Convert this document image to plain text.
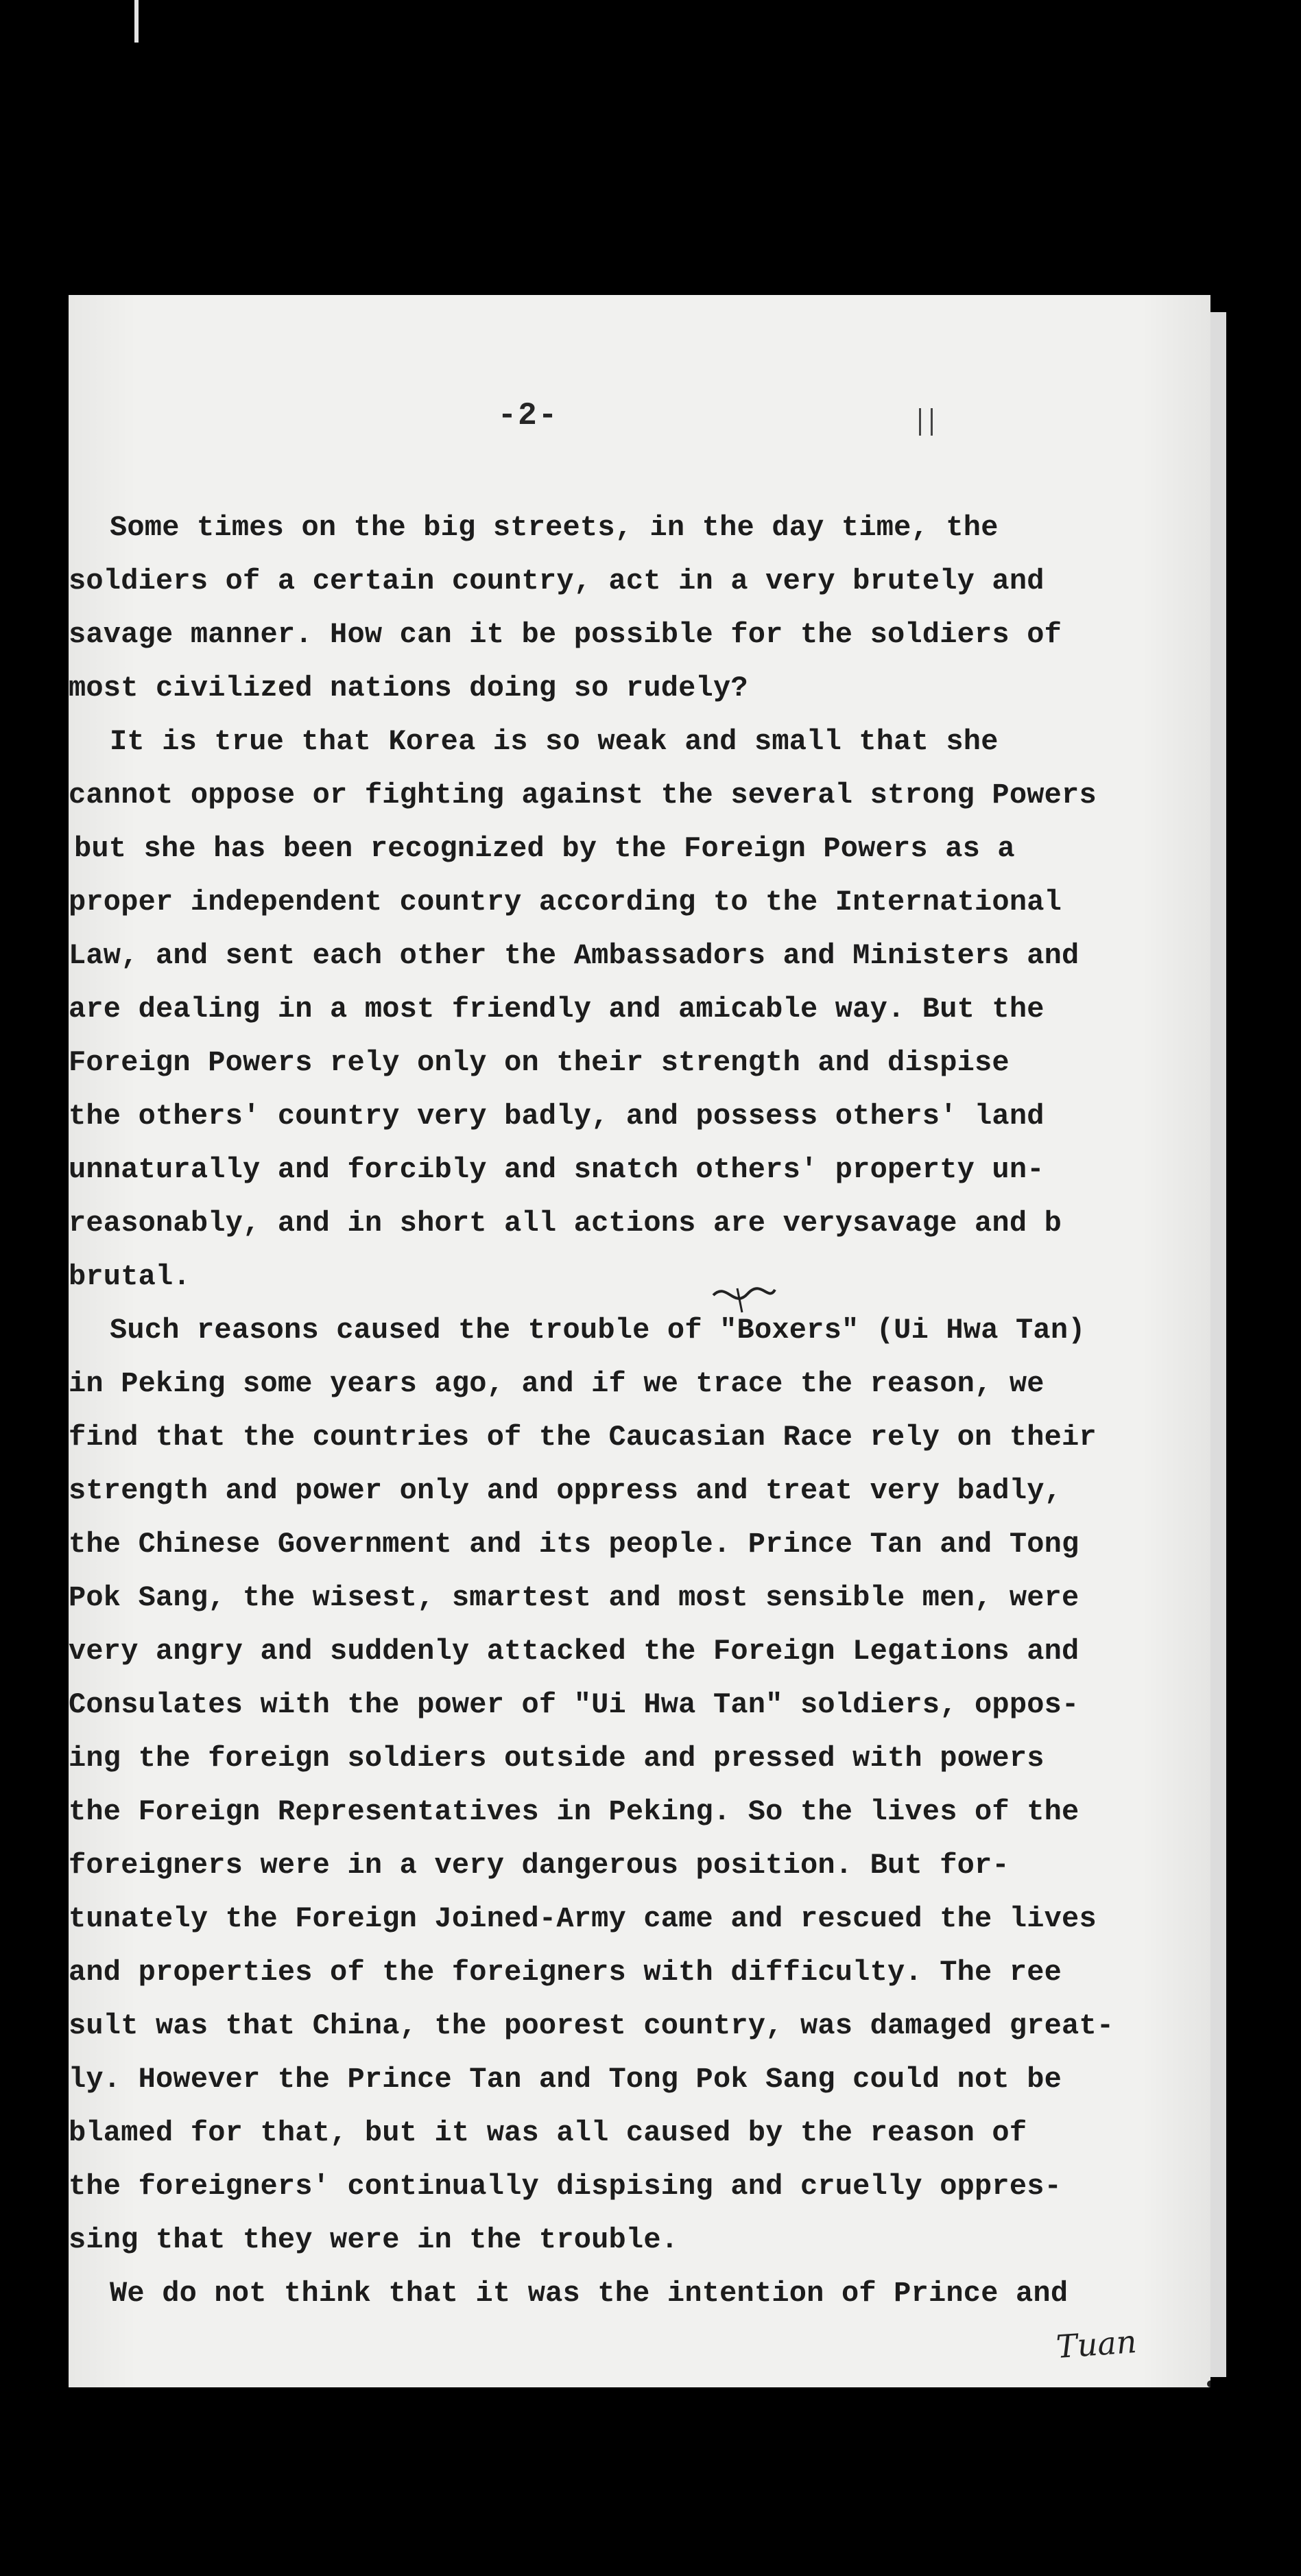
-2-
Some times on the big streets, in the day time, the
soldiers of a certain country, act in a very brutely and
savage manner. How can it be possible for the soldiers of
most civilized nations doing so rudely?
It is true that Korea is so weak and small that she
cannot oppose or fighting against the several strong Powers
but she has been recognized by the Foreign Powers as a
proper independent country according to the International
Law, and sent each other the Ambassadors and Ministers and
are dealing in a most friendly and amicable way. But the
Foreign Powers rely only on their strength and dispise
the others' country very badly, and possess others' land
unnaturally and forcibly and snatch others' property un-
reasonably, and in short all actions are verysavage and b
brutal.
Such reasons caused the trouble of "Boxers" (Ui Hwa Tan)
in Peking some years ago, and if we trace the reason, we
find that the countries of the Caucasian Race rely on their
strength and power only and oppress and treat very badly,
the Chinese Government and its people. Prince Tan and Tong
Pok Sang, the wisest, smartest and most sensible men, were
very angry and suddenly attacked the Foreign Legations and
Consulates with the power of "Ui Hwa Tan" soldiers, oppos-
ing the foreign soldiers outside and pressed with powers
the Foreign Representatives in Peking. So the lives of the
foreigners were in a very dangerous position. But for-
tunately the Foreign Joined-Army came and rescued the lives
and properties of the foreigners with difficulty. The ree
sult was that China, the poorest country, was damaged great-
ly. However the Prince Tan and Tong Pok Sang could not be
blamed for that, but it was all caused by the reason of
the foreigners' continually dispising and cruelly oppres-
sing that they were in the trouble.
We do not think that it was the intention of Prince and
Tuan
